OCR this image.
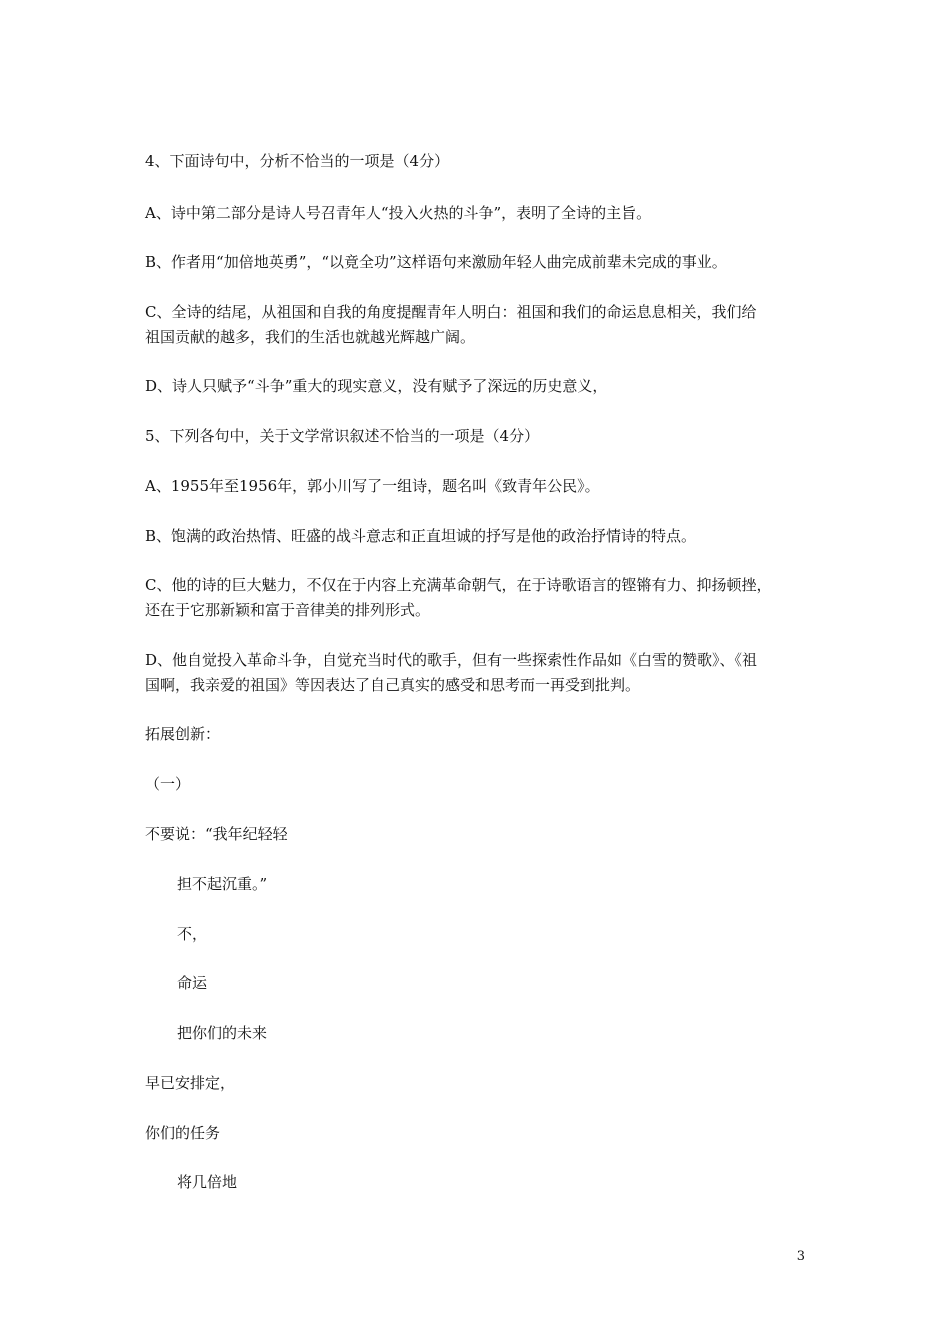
4、下面诗句中，分析不恰当的一项是（4分）
A、诗中第二部分是诗人号召青年人“投入火热的斗争”，表明了全诗的主旨。
B、作者用“加倍地英勇”，“以竟全功”这样语句来激励年轻人曲完成前辈未完成的事业。
C、全诗的结尾，从祖国和自我的角度提醒青年人明白：祖国和我们的命运息息相关，我们给
祖国贡献的越多，我们的生活也就越光辉越广阔。
D、诗人只赋予“斗争”重大的现实意义，没有赋予了深远的历史意义，
5、下列各句中，关于文学常识叙述不恰当的一项是（4分）
A、1955年至1956年，郭小川写了一组诗，题名叫《致青年公民》。
B、饱满的政治热情、旺盛的战斗意志和正直坦诚的抒写是他的政治抒情诗的特点。
C、他的诗的巨大魅力，不仅在于内容上充满革命朝气，在于诗歌语言的铿锵有力、抑扬顿挫，
还在于它那新颖和富于音律美的排列形式。
D、他自觉投入革命斗争，自觉充当时代的歌手，但有一些探索性作品如《白雪的赞歌》、《祖
国啊，我亲爱的祖国》等因表达了自己真实的感受和思考而一再受到批判。
拓展创新：
（一）
不要说：“我年纪轻轻
担不起沉重。”
不，
命运
把你们的未来
早已安排定，
你们的任务
将几倍地
3
